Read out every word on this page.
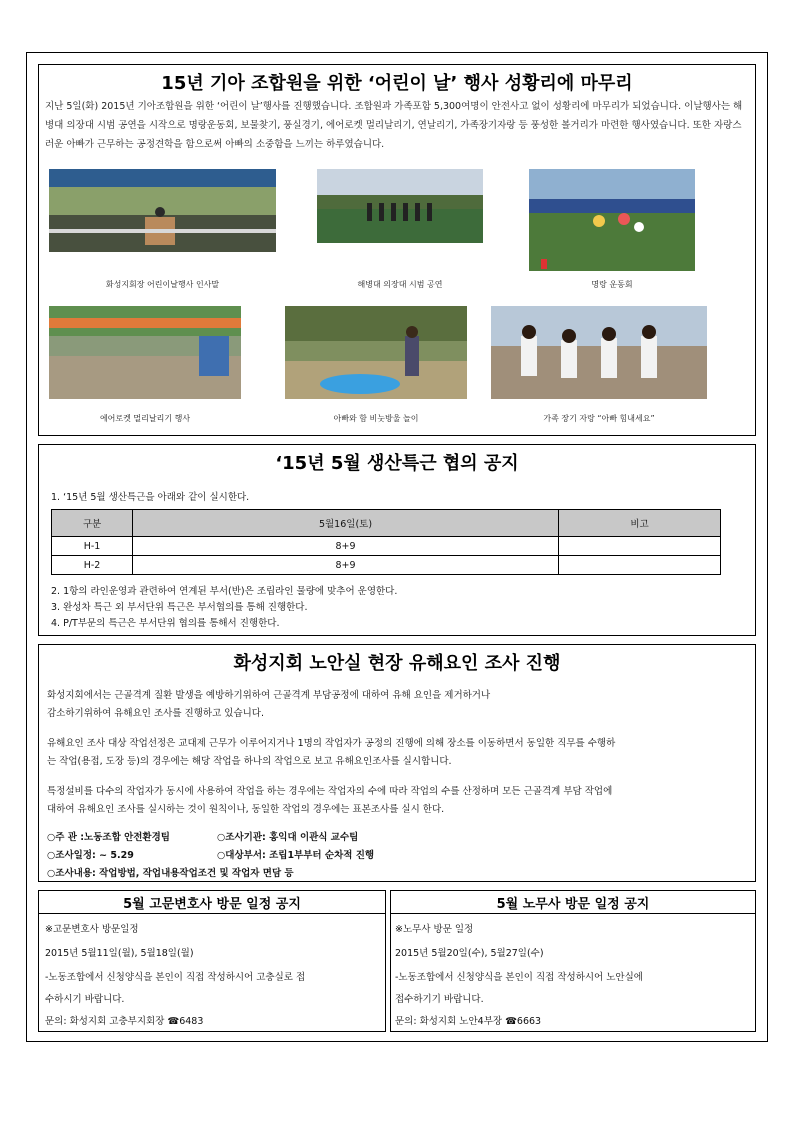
15년 기아 조합원을 위한 ‘어린이 날’ 행사 성황리에 마무리
지난 5일(화) 2015년 기아조합원을 위한 ‘어린이 날’행사를 진행했습니다. 조합원과 가족포함 5,300여명이 안전사고 없이 성황리에 마무리가 되었습니다. 이날행사는 해병대 의장대 시범 공연을 시작으로 명랑운동회, 보물찾기, 풍실경기, 에어로켓 멀리날리기, 연날리기, 가족장기자랑 등 풍성한 볼거리가 마련한 행사였습니다. 또한 자랑스러운 아빠가 근무하는 공정견학을 함으로써 아빠의 소중함을 느끼는 하루였습니다.
화성지회장 어린이날행사 인사말	해병대 의장대 시범 공연	명랑 운동회
에어로켓 멀리날리기 행사	아빠와 함 비눗방울 놀이	가족 장기 자랑 “아빠 힘내세요”
‘15년 5월 생산특근 협의 공지
1. ‘15년 5월 생산특근을 아래와 같이 실시한다.
구분	5월16일(토)	비고
H-1	8+9	
H-2	8+9	
2. 1항의 라인운영과 관련하여 연계된 부서(반)은 조립라인 물량에 맞추어 운영한다.
3. 완성차 특근 외 부서단위 특근은 부서협의를 통해 진행한다.
4. P/T부문의 특근은 부서단위 협의를 통해서 진행한다.
화성지회 노안실 현장 유해요인 조사 진행
화성지회에서는 근골격계 질환 발생을 예방하기위하여 근골격계 부담공정에 대하여 유해 요인을 제거하거나
감소하기위하여 유해요인 조사를 진행하고 있습니다.
유해요인 조사 대상 작업선정은 교대제 근무가 이루어지거나 1명의 작업자가 공정의 진행에 의해 장소를 이동하면서 동일한 직무를 수행하
는 작업(용접, 도장 등)의 경우에는 해당 작업을 하나의 작업으로 보고 유해요인조사를 실시합니다.
특정설비를 다수의 작업자가 동시에 사용하여 작업을 하는 경우에는 작업자의 수에 따라 작업의 수를 산정하며 모든 근골격계 부담 작업에
대하여 유해요인 조사를 실시하는 것이 원칙이나, 동일한 작업의 경우에는 표본조사를 실시 한다.
○주 관 :노동조합 안전환경팀	○조사기관: 홍익대 이관식 교수팀
○조사일정: ~ 5.29	○대상부서: 조립1부부터 순차적 진행
○조사내용: 작업방법, 작업내용작업조건 및 작업자 면담 등
5월 고문변호사 방문 일정 공지
※고문변호사 방문일정
2015년 5월11일(월), 5월18일(월)
-노동조합에서 신청양식을 본인이 직접 작성하시어 고충실로 접
수하시기 바랍니다.
문의: 화성지회 고충부지회장 ☎6483
5월 노무사 방문 일정 공지
※노무사 방문 일정
2015년 5월20일(수), 5월27일(수)
-노동조합에서 신청양식을 본인이 직접 작성하시어 노안실에
접수하기기 바랍니다.
문의: 화성지회 노안4부장 ☎6663
